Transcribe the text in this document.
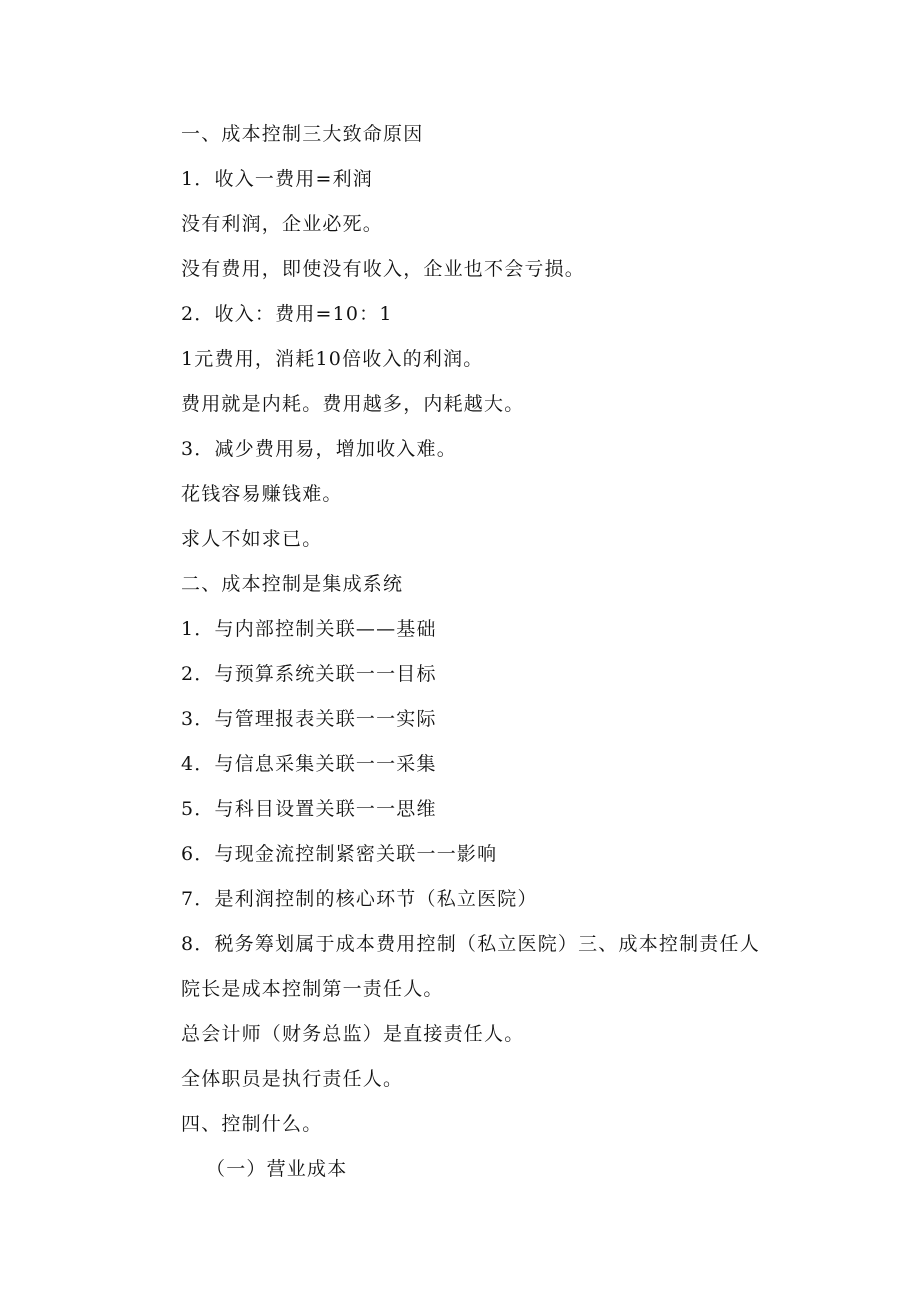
一、成本控制三大致命原因
1．收入一费用=利润
没有利润，企业必死。
没有费用，即使没有收入，企业也不会亏损。
2．收入：费用=10：1
1元费用，消耗10倍收入的利润。
费用就是内耗。费用越多，内耗越大。
3．减少费用易，增加收入难。
花钱容易赚钱难。
求人不如求已。
二、成本控制是集成系统
1．与内部控制关联——基础
2．与预算系统关联一一目标
3．与管理报表关联一一实际
4．与信息采集关联一一采集
5．与科目设置关联一一思维
6．与现金流控制紧密关联一一影响
7．是利润控制的核心环节（私立医院）
8．税务筹划属于成本费用控制（私立医院）三、成本控制责任人
院长是成本控制第一责任人。
总会计师（财务总监）是直接责任人。
全体职员是执行责任人。
四、控制什么。
（一）营业成本
